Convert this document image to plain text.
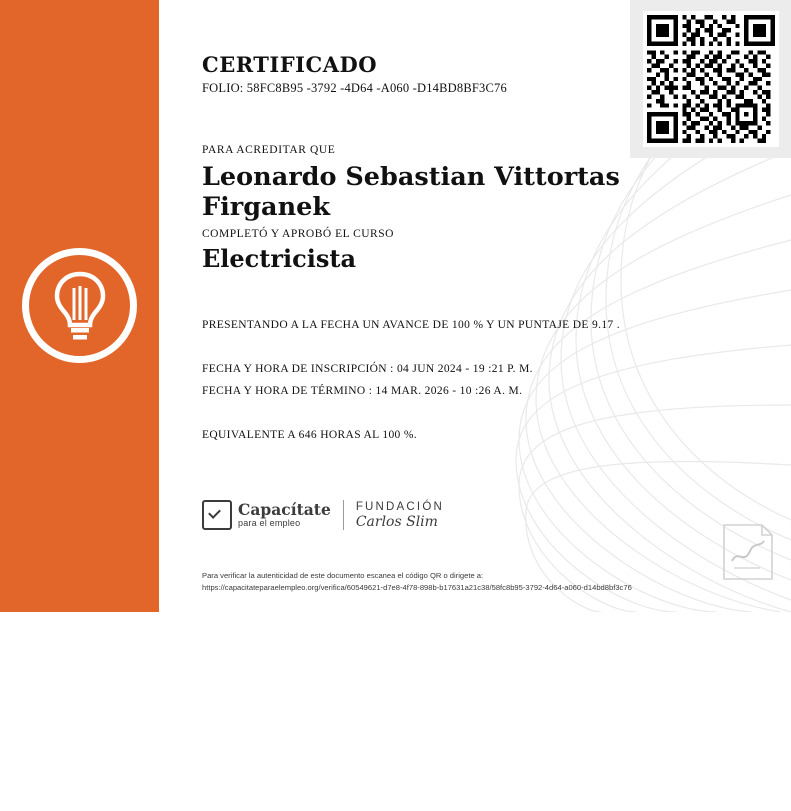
CERTIFICADO
FOLIO: 58FC8B95 -3792 -4D64 -A060 -D14BD8BF3C76
PARA ACREDITAR QUE
Leonardo Sebastian Vittortas Firganek
COMPLETÓ Y APROBÓ EL CURSO
Electricista
PRESENTANDO A LA FECHA UN AVANCE DE 100 % Y UN PUNTAJE DE 9.17 .
FECHA Y HORA DE INSCRIPCIÓN : 04 JUN 2024 - 19 :21 P. M.
FECHA Y HORA DE TÉRMINO : 14 MAR. 2026 - 10 :26 A. M.
EQUIVALENTE A 646 HORAS AL 100 %.
Capacítate
para el empleo
FUNDACIÓN
Carlos Slim
Para verificar la autenticidad de este documento escanea el código QR o dirigete a:
https://capacitateparaelempleo.org/verifica/60549621-d7e8-4f78-898b-b17631a21c38/58fc8b95-3792-4d64-a060-d14bd8bf3c76
